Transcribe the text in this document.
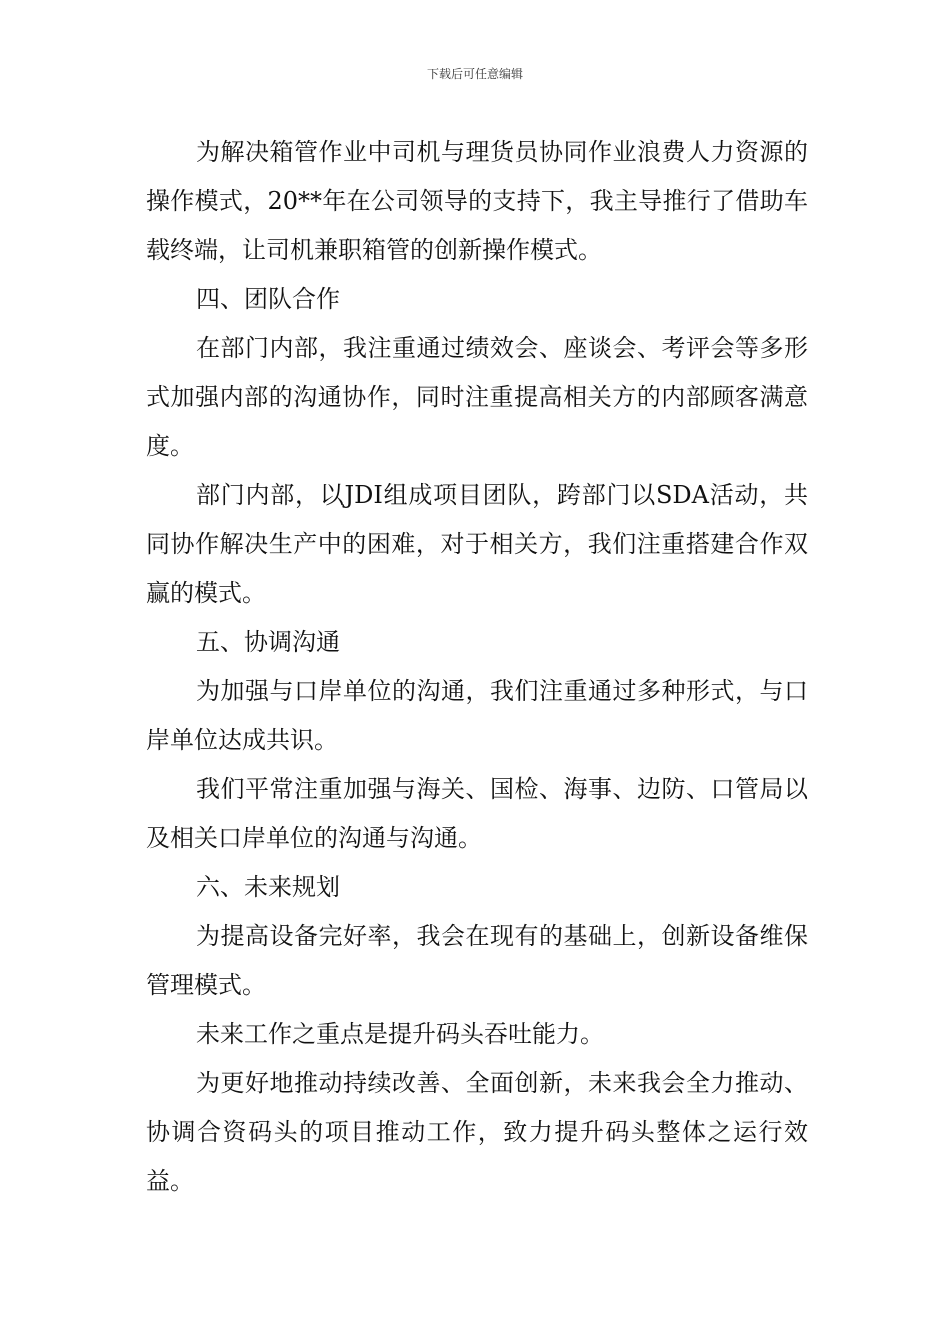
下载后可任意编辑

为解决箱管作业中司机与理货员协同作业浪费人力资源的操作模式，20**年在公司领导的支持下，我主导推行了借助车载终端，让司机兼职箱管的创新操作模式。

四、团队合作

在部门内部，我注重通过绩效会、座谈会、考评会等多形式加强内部的沟通协作，同时注重提高相关方的内部顾客满意度。

部门内部，以JDI组成项目团队，跨部门以SDA活动，共同协作解决生产中的困难，对于相关方，我们注重搭建合作双赢的模式。

五、协调沟通

为加强与口岸单位的沟通，我们注重通过多种形式，与口岸单位达成共识。

我们平常注重加强与海关、国检、海事、边防、口管局以及相关口岸单位的沟通与沟通。

六、未来规划

为提高设备完好率，我会在现有的基础上，创新设备维保管理模式。

未来工作之重点是提升码头吞吐能力。

为更好地推动持续改善、全面创新，未来我会全力推动、协调合资码头的项目推动工作，致力提升码头整体之运行效益。
